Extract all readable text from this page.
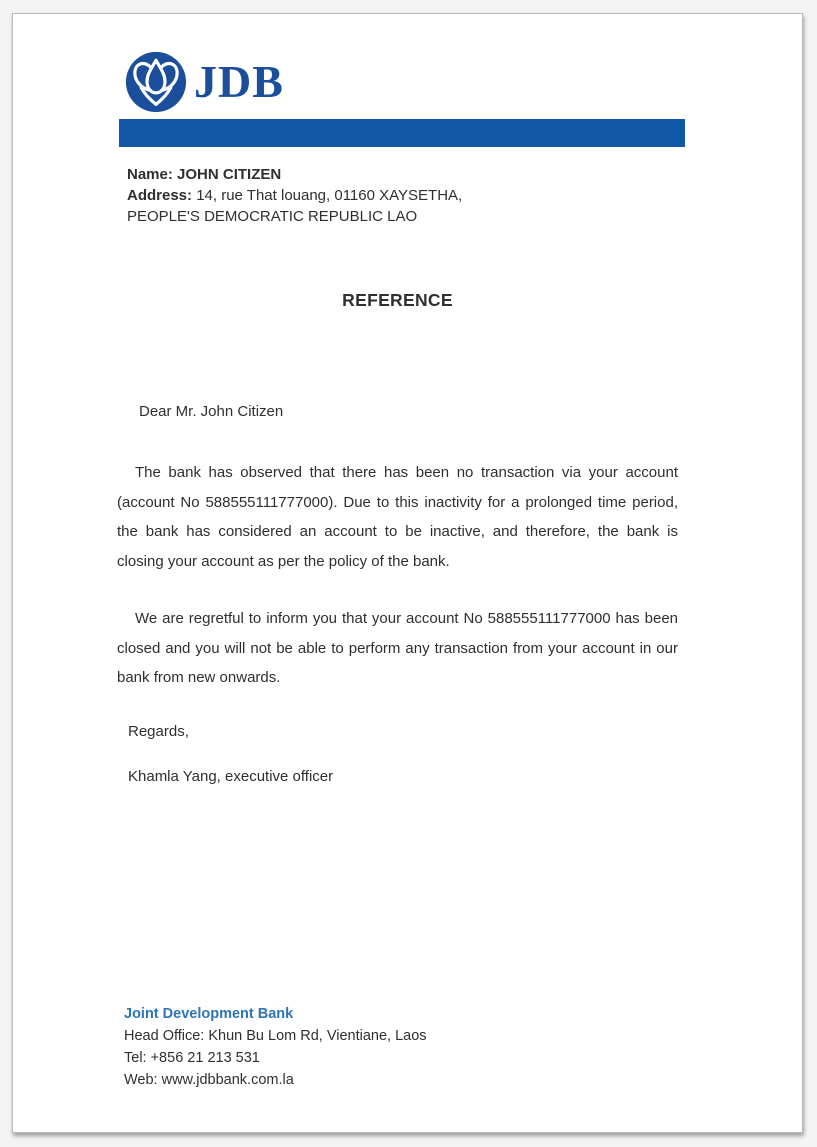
JDB
Name: JOHN CITIZEN
Address: 14, rue That louang, 01160 XAYSETHA,
PEOPLE'S DEMOCRATIC REPUBLIC LAO
REFERENCE
Dear Mr. John Citizen

The bank has observed that there has been no transaction via your account (account No 588555111777000). Due to this inactivity for a prolonged time period, the bank has considered an account to be inactive, and therefore, the bank is closing your account as per the policy of the bank.

We are regretful to inform you that your account No 588555111777000 has been closed and you will not be able to perform any transaction from your account in our bank from new onwards.

Regards,
Khamla Yang, executive officer
Joint Development Bank
Head Office: Khun Bu Lom Rd, Vientiane, Laos
Tel: +856 21 213 531
Web: www.jdbbank.com.la
